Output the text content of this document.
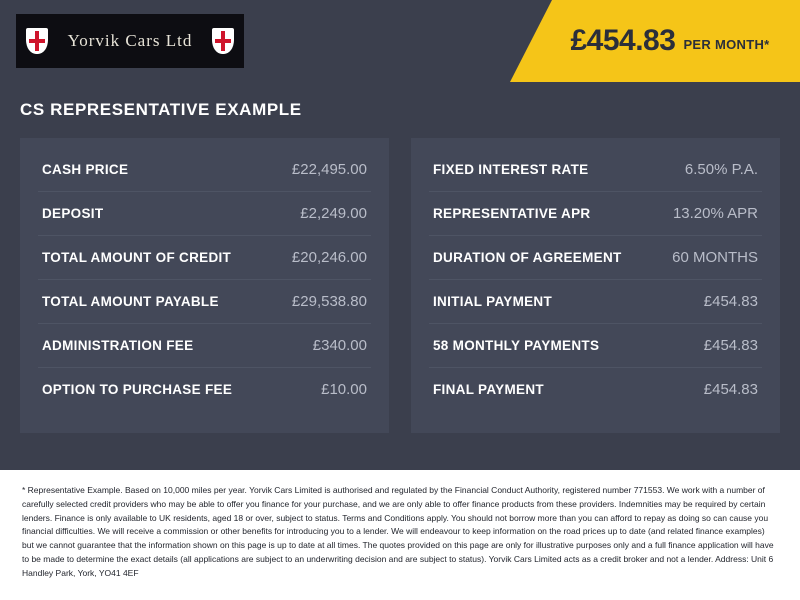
Yorvik Cars Ltd	£454.83 PER MONTH*
CS REPRESENTATIVE EXAMPLE
CASH PRICE	£22,495.00
DEPOSIT	£2,249.00
TOTAL AMOUNT OF CREDIT	£20,246.00
TOTAL AMOUNT PAYABLE	£29,538.80
ADMINISTRATION FEE	£340.00
OPTION TO PURCHASE FEE	£10.00
FIXED INTEREST RATE	6.50% P.A.
REPRESENTATIVE APR	13.20% APR
DURATION OF AGREEMENT	60 MONTHS
INITIAL PAYMENT	£454.83
58 MONTHLY PAYMENTS	£454.83
FINAL PAYMENT	£454.83
* Representative Example. Based on 10,000 miles per year. Yorvik Cars Limited is authorised and regulated by the Financial Conduct Authority, registered number 771553. We work with a number of carefully selected credit providers who may be able to offer you finance for your purchase, and we are only able to offer finance products from these providers. Indemnities may be required by certain lenders. Finance is only available to UK residents, aged 18 or over, subject to status. Terms and Conditions apply. You should not borrow more than you can afford to repay as doing so can cause you financial difficulties. We will receive a commission or other benefits for introducing you to a lender. We will endeavour to keep information on the road prices up to date (and related finance examples) but we cannot guarantee that the information shown on this page is up to date at all times. The quotes provided on this page are only for illustrative purposes only and a full finance application will have to be made to determine the exact details (all applications are subject to an underwriting decision and are subject to status). Yorvik Cars Limited acts as a credit broker and not a lender. Address: Unit 6 Handley Park, York, YO41 4EF
